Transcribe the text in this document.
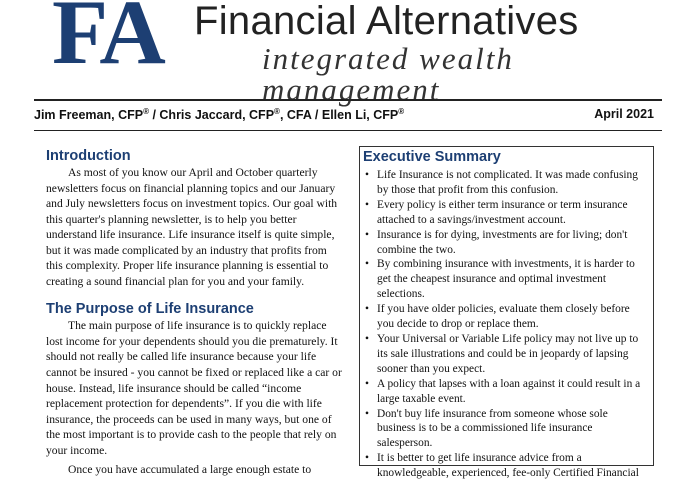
FA Financial Alternatives
integrated wealth management
Jim Freeman, CFP® / Chris Jaccard, CFP®, CFA / Ellen Li, CFP®	April 2021
Introduction

As most of you know our April and October quarterly newsletters focus on financial planning topics and our January and July newsletters focus on investment topics. Our goal with this quarter's planning newsletter, is to help you better understand life insurance. Life insurance itself is quite simple, but it was made complicated by an industry that profits from this complexity. Proper life insurance planning is essential to creating a sound financial plan for you and your family.

The Purpose of Life Insurance

The main purpose of life insurance is to quickly replace lost income for your dependents should you die prematurely. It should not really be called life insurance because your life cannot be insured - you cannot be fixed or replaced like a car or house. Instead, life insurance should be called “income replacement protection for dependents”. If you die with life insurance, the proceeds can be used in many ways, but one of the most important is to provide cash to the people that rely on your income.

Once you have accumulated a large enough estate to

Executive Summary
• Life Insurance is not complicated. It was made confusing by those that profit from this confusion.
• Every policy is either term insurance or term insurance attached to a savings/investment account.
• Insurance is for dying, investments are for living; don't combine the two.
• By combining insurance with investments, it is harder to get the cheapest insurance and optimal investment selections.
• If you have older policies, evaluate them closely before you decide to drop or replace them.
• Your Universal or Variable Life policy may not live up to its sale illustrations and could be in jeopardy of lapsing sooner than you expect.
• A policy that lapses with a loan against it could result in a large taxable event.
• Don't buy life insurance from someone whose sole business is to be a commissioned life insurance salesperson.
• It is better to get life insurance advice from a knowledgeable, experienced, fee-only Certified Financial
